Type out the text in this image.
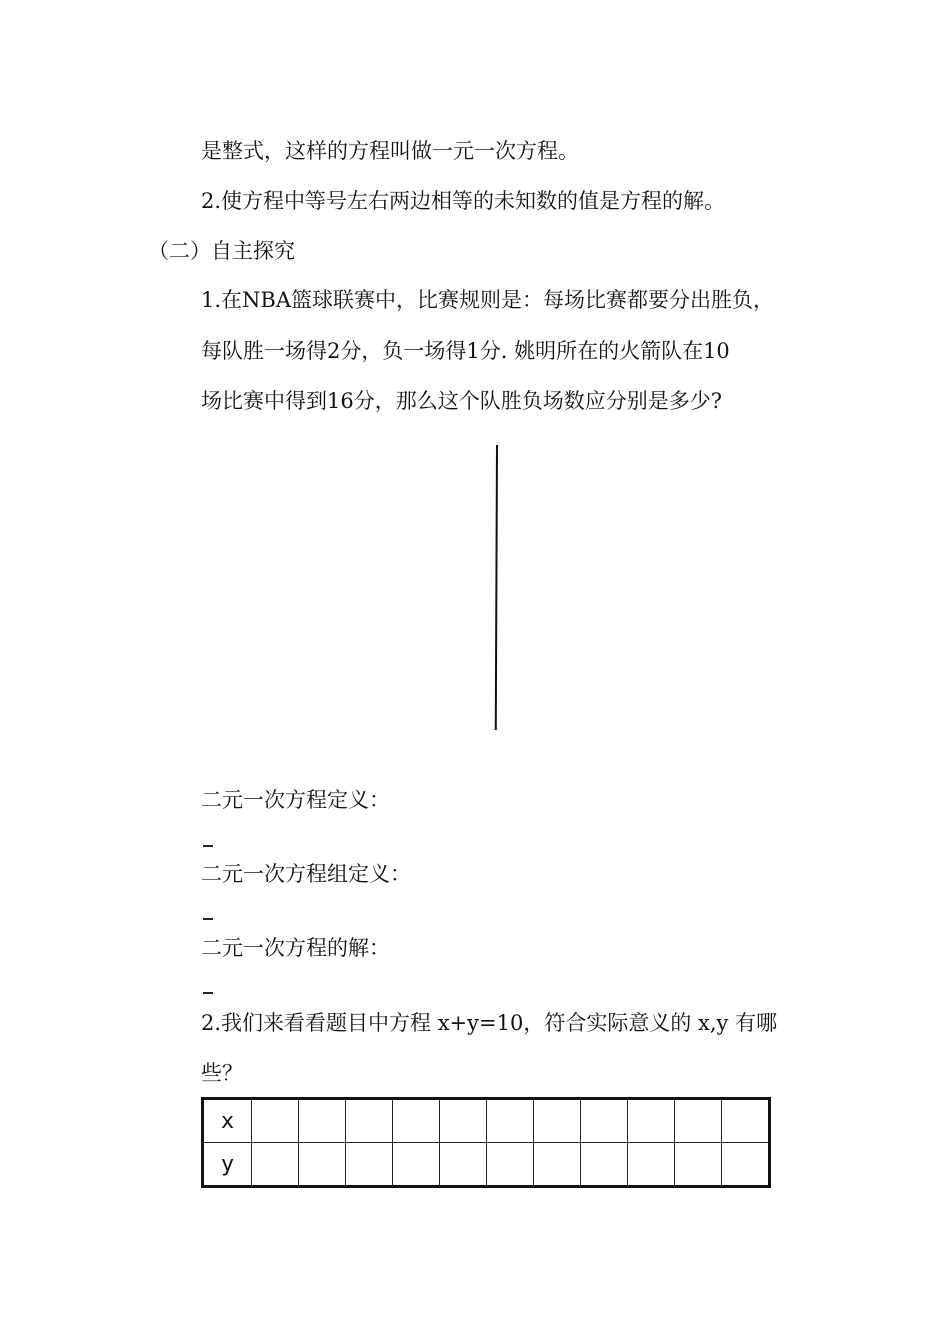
是整式，这样的方程叫做一元一次方程。
2.使方程中等号左右两边相等的未知数的值是方程的解。
（二）自主探究
1.在NBA篮球联赛中，比赛规则是：每场比赛都要分出胜负，
每队胜一场得2分，负一场得1分. 姚明所在的火箭队在10
场比赛中得到16分，那么这个队胜负场数应分别是多少?
二元一次方程定义：
二元一次方程组定义：
二元一次方程的解：
2.我们来看看题目中方程 x+y=10，符合实际意义的 x,y 有哪
些？
x											
y											
